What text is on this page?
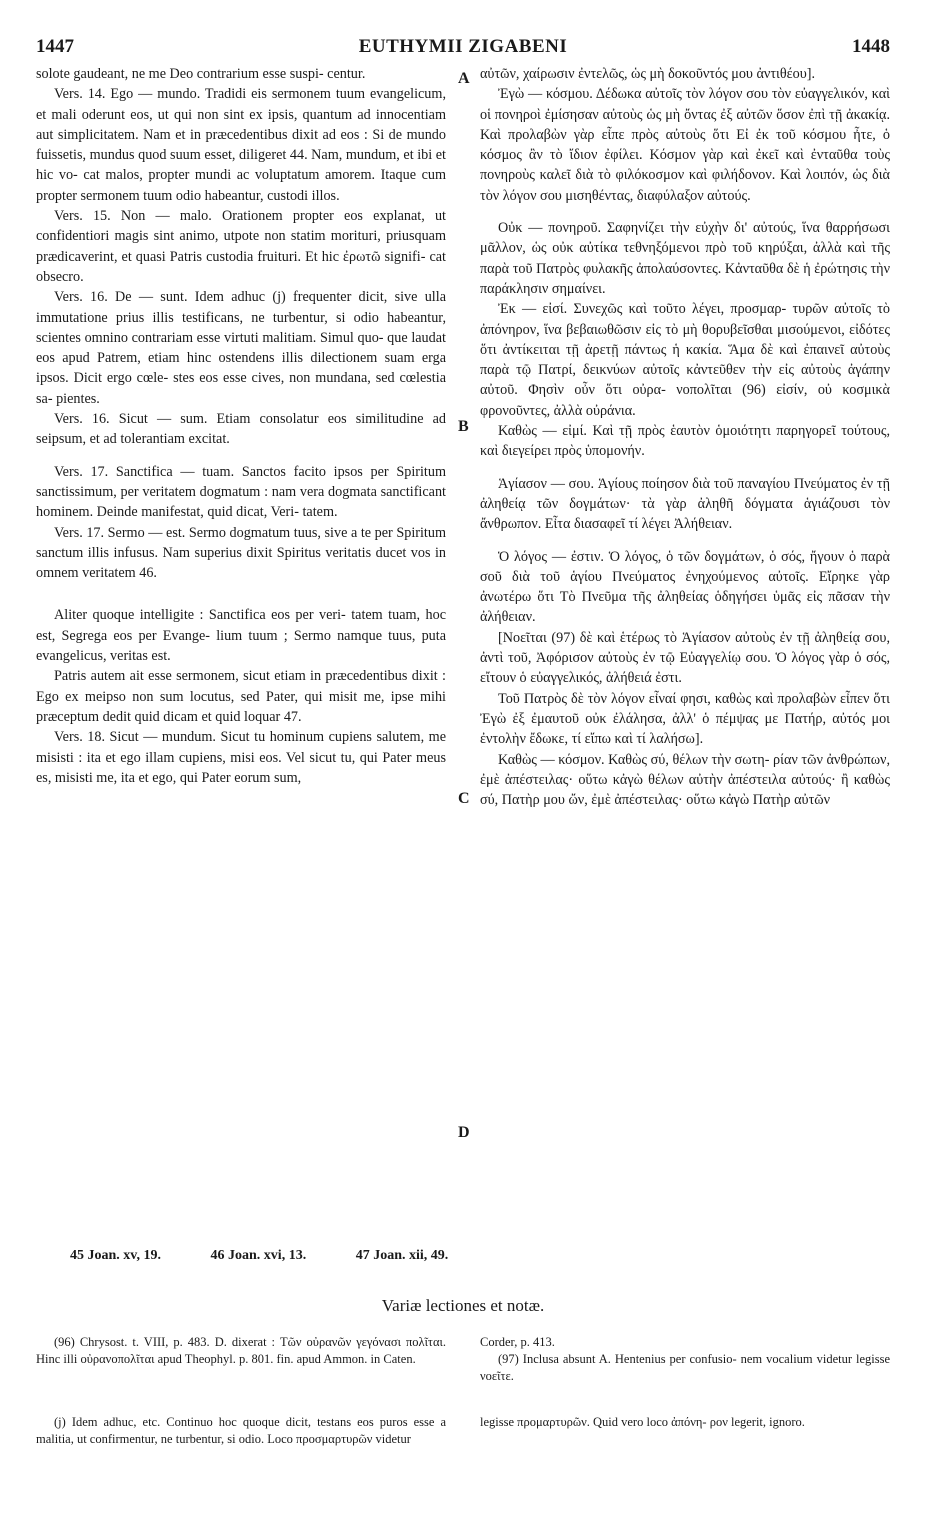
1447	EUTHYMII ZIGABENI	1448

solote gaudeant, ne me Deo contrarium esse suspi- centur.

Vers. 14. Ego — mundo. Tradidi eis sermonem tuum evangelicum, et mali oderunt eos, ut qui non sint ex ipsis, quantum ad innocentiam aut simplicitatem. Nam et in præcedentibus dixit ad eos : Si de mundo fuissetis, mundus quod suum esset, diligeret 44. Nam, mundum, et ibi et hic vo- cat malos, propter mundi ac voluptatum amorem. Itaque cum propter sermonem tuum odio habeantur, custodi illos.

Vers. 15. Non — malo. Orationem propter eos explanat, ut confidentiori magis sint animo, utpote non statim morituri, priusquam prædicaverint, et quasi Patris custodia fruituri. Et hic ἐρωτῶ signifi- cat obsecro.

Vers. 16. De — sunt. Idem adhuc (j) frequenter dicit, sive ulla immutatione prius illis testificans, ne turbentur, si odio habeantur, scientes omnino contrariam esse virtuti malitiam. Simul quo- que laudat eos apud Patrem, etiam hinc ostendens illis dilectionem suam erga ipsos. Dicit ergo cœle- stes eos esse cives, non mundana, sed cœlestia sa- pientes.

Vers. 16. Sicut — sum. Etiam consolatur eos similitudine ad seipsum, et ad tolerantiam excitat.

Vers. 17. Sanctifica — tuam. Sanctos facito ipsos per Spiritum sanctissimum, per veritatem dogmatum : nam vera dogmata sanctificant hominem. Deinde manifestat, quid dicat, Veri- tatem.

Vers. 17. Sermo — est. Sermo dogmatum tuus, sive a te per Spiritum sanctum illis infusus. Nam superius dixit Spiritus veritatis ducet vos in omnem veritatem 46.

Aliter quoque intelligite : Sanctifica eos per veri- tatem tuam, hoc est, Segrega eos per Evange- lium tuum ; Sermo namque tuus, puta evangelicus, veritas est.

Patris autem ait esse sermonem, sicut etiam in præcedentibus dixit : Ego ex meipso non sum locutus, sed Pater, qui misit me, ipse mihi præceptum dedit quid dicam et quid loquar 47.

Vers. 18. Sicut — mundum. Sicut tu hominum cupiens salutem, me misisti : ita et ego illam cupiens, misi eos. Vel sicut tu, qui Pater meus es, misisti me, ita et ego, qui Pater eorum sum,

A
B
C
D

αὐτῶν, χαίρωσιν ἐντελῶς, ὡς μὴ δοκοῦντός μου ἀντιθέου].

Ἐγὼ — κόσμου. Δέδωκα αὐτοῖς τὸν λόγον σου τὸν εὐαγγελικόν, καὶ οἱ πονηροὶ ἐμίσησαν αὐτοὺς ὡς μὴ ὄντας ἐξ αὐτῶν ὅσον ἐπὶ τῇ ἀκακίᾳ. Καὶ προλαβὼν γὰρ εἶπε πρὸς αὐτοὺς ὅτι Εἰ ἐκ τοῦ κόσμου ἦτε, ὁ κόσμος ἂν τὸ ἴδιον ἐφίλει. Κόσμον γὰρ καὶ ἐκεῖ καὶ ἐνταῦθα τοὺς πονηροὺς καλεῖ διὰ τὸ φιλόκοσμον καὶ φιλήδονον. Καὶ λοιπόν, ὡς διὰ τὸν λόγον σου μισηθέντας, διαφύλαξον αὐτούς.

Οὐκ — πονηροῦ. Σαφηνίζει τὴν εὐχὴν δι' αὐτούς, ἵνα θαρρήσωσι μᾶλλον, ὡς οὐκ αὐτίκα τεθνηξόμενοι πρὸ τοῦ κηρύξαι, ἀλλὰ καὶ τῆς παρὰ τοῦ Πατρὸς φυλακῆς ἀπολαύσοντες. Κἀνταῦθα δὲ ἡ ἐρώτησις τὴν παράκλησιν σημαίνει.

Ἐκ — εἰσί. Συνεχῶς καὶ τοῦτο λέγει, προσμαρ- τυρῶν αὐτοῖς τὸ ἀπόνηρον, ἵνα βεβαιωθῶσιν εἰς τὸ μὴ θορυβεῖσθαι μισούμενοι, εἰδότες ὅτι ἀντίκειται τῇ ἀρετῇ πάντως ἡ κακία. Ἅμα δὲ καὶ ἐπαινεῖ αὐτοὺς παρὰ τῷ Πατρί, δεικνύων αὐτοῖς κἀντεῦθεν τὴν εἰς αὐτοὺς ἀγάπην αὐτοῦ. Φησὶν οὖν ὅτι οὐρα- νοπολῖται (96) εἰσίν, οὐ κοσμικὰ φρονοῦντες, ἀλλὰ οὐράνια.

Καθὼς — εἰμί. Καὶ τῇ πρὸς ἑαυτὸν ὁμοιότητι παρηγορεῖ τούτους, καὶ διεγείρει πρὸς ὑπομονήν.

Ἁγίασον — σου. Ἁγίους ποίησον διὰ τοῦ παναγίου Πνεύματος ἐν τῇ ἀληθείᾳ τῶν δογμάτων· τὰ γὰρ ἀληθῆ δόγματα ἁγιάζουσι τὸν ἄνθρωπον. Εἶτα διασαφεῖ τί λέγει Ἀλήθειαν.

Ὁ λόγος — ἐστιν. Ὁ λόγος, ὁ τῶν δογμάτων, ὁ σός, ἤγουν ὁ παρὰ σοῦ διὰ τοῦ ἁγίου Πνεύματος ἐνηχούμενος αὐτοῖς. Εἴρηκε γὰρ ἀνωτέρω ὅτι Τὸ Πνεῦμα τῆς ἀληθείας ὁδηγήσει ὑμᾶς εἰς πᾶσαν τὴν ἀλήθειαν.

[Νοεῖται (97) δὲ καὶ ἑτέρως τὸ Ἁγίασον αὐτοὺς ἐν τῇ ἀληθείᾳ σου, ἀντὶ τοῦ, Ἀφόρισον αὐτοὺς ἐν τῷ Εὐαγγελίῳ σου. Ὁ λόγος γὰρ ὁ σός, εἴτουν ὁ εὐαγγελικός, ἀλήθειά ἐστι.

Τοῦ Πατρὸς δὲ τὸν λόγον εἶναί φησι, καθὼς καὶ προλαβὼν εἶπεν ὅτι Ἐγὼ ἐξ ἐμαυτοῦ οὐκ ἐλάλησα, ἀλλ' ὁ πέμψας με Πατήρ, αὐτός μοι ἐντολὴν ἔδωκε, τί εἴπω καὶ τί λαλήσω].

Καθὼς — κόσμον. Καθὼς σύ, θέλων τὴν σωτη- ρίαν τῶν ἀνθρώπων, ἐμὲ ἀπέστειλας· οὕτω κἀγὼ θέλων αὐτὴν ἀπέστειλα αὐτούς· ἢ καθὼς σύ, Πατὴρ μου ὤν, ἐμὲ ἀπέστειλας· οὕτω κἀγὼ Πατὴρ αὐτῶν

45 Joan. xv, 19.	46 Joan. xvi, 13.	47 Joan. xii, 49.
Variæ lectiones et notæ.

(96) Chrysost. t. VIII, p. 483. D. dixerat : Τῶν οὐρανῶν γεγόνασι πολῖται. Hinc illi οὐρανοπολῖται apud Theophyl. p. 801. fin. apud Ammon. in Caten.

Corder, p. 413.

(97) Inclusa absunt A. Hentenius per confusio- nem vocalium videtur legisse νοεῖτε.

(j) Idem adhuc, etc. Continuo hoc quoque dicit, testans eos puros esse a malitia, ut confirmentur, ne turbentur, si odio. Loco προσμαρτυρῶν videtur

legisse προμαρτυρῶν. Quid vero loco ἀπόνη- ρον legerit, ignoro.
